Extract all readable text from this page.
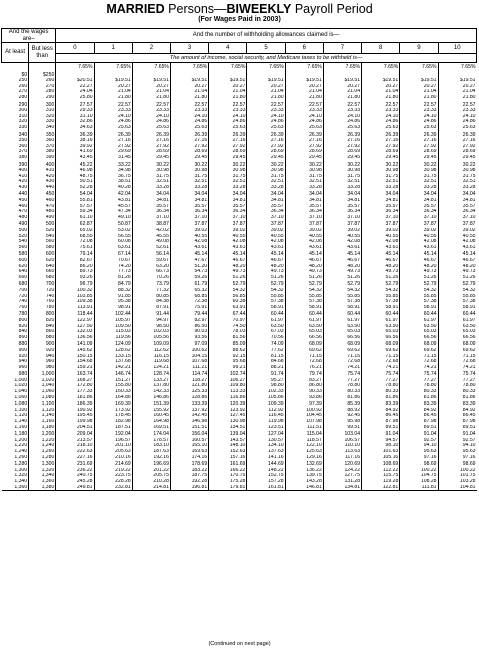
MARRIED Persons—BIWEEKLY Payroll Period
(For Wages Paid in 2003)
And the wages are–		And the number of withholding allowances claimed is—										
At least	But less than	0	1	2	3	4	5	6	7	8	9	10
		The amount of income, social security, and Medicare taxes to be withheld is—										
		7.65%	7.65%	7.65%	7.65%	7.65%	7.65%	7.65%	7.65%	7.65%	7.65%	7.65%
$0	$250											
250	260	$20.51	$19.51	$19.51	$19.51	$19.51	$19.51	$19.51	$19.51	$19.51	$19.51	$19.51
260	270	22.27	20.27	20.27	20.27	20.27	20.27	20.27	20.27	20.27	20.27	20.27
270	280	24.04	21.04	21.04	21.04	21.04	21.04	21.04	21.04	21.04	21.04	21.04
280	290	25.80	21.80	21.80	21.80	21.80	21.80	21.80	21.80	21.80	21.80	21.80
290	300	27.57	22.57	22.57	22.57	22.57	22.57	22.57	22.57	22.57	22.57	22.57
300	310	29.33	23.33	23.33	23.33	23.33	23.33	23.33	23.33	23.33	23.33	23.33
310	320	31.10	24.10	24.10	24.10	24.10	24.10	24.10	24.10	24.10	24.10	24.10
320	330	32.86	24.86	24.86	24.86	24.86	24.86	24.86	24.86	24.86	24.86	24.86
330	340	34.63	25.63	25.63	25.63	25.63	25.63	25.63	25.63	25.63	25.63	25.63
340	350	36.39	26.39	26.39	26.39	26.39	26.39	26.39	26.39	26.39	26.39	26.39
350	360	38.16	27.16	27.16	27.16	27.16	27.16	27.16	27.16	27.16	27.16	27.16
360	370	39.92	27.92	27.92	27.92	27.92	27.92	27.92	27.92	27.92	27.92	27.92
370	380	41.69	29.69	28.69	28.69	28.69	28.69	28.69	28.69	28.69	28.69	28.69
380	390	43.45	31.45	29.45	29.45	29.45	29.45	29.45	29.45	29.45	29.45	29.45
390	400	45.22	33.22	30.22	30.22	30.22	30.22	30.22	30.22	30.22	30.22	30.22
400	410	46.98	34.98	30.98	30.98	30.98	30.98	30.98	30.98	30.98	30.98	30.98
410	420	48.75	36.75	31.75	31.75	31.75	31.75	31.75	31.75	31.75	31.75	31.75
420	430	50.51	38.51	32.51	32.51	32.51	32.51	32.51	32.51	32.51	32.51	32.51
430	440	52.28	40.28	33.28	33.28	33.28	33.28	33.28	33.28	33.28	33.28	33.28
440	450	54.04	42.04	34.04	34.04	34.04	34.04	34.04	34.04	34.04	34.04	34.04
450	460	55.81	43.81	34.81	34.81	34.81	34.81	34.81	34.81	34.81	34.81	34.81
460	470	57.57	45.57	35.57	35.57	35.57	35.57	35.57	35.57	35.57	35.57	35.57
470	480	59.34	47.34	36.34	36.34	36.34	36.34	36.34	36.34	36.34	36.34	36.34
480	490	61.10	49.10	37.10	37.10	37.10	37.10	37.10	37.10	37.10	37.10	37.10
490	500	62.87	50.87	38.87	37.87	37.87	37.87	37.87	37.87	37.87	37.87	37.87
500	520	65.02	53.02	42.02	39.02	39.02	39.02	39.02	39.02	39.02	39.02	39.02
520	540	68.55	56.55	45.55	40.55	40.55	40.55	40.55	40.55	40.55	40.55	40.55
540	560	72.08	60.08	49.08	42.08	42.08	42.08	42.08	42.08	42.08	42.08	42.08
560	580	75.61	63.61	52.61	43.61	43.61	43.61	43.61	43.61	43.61	43.61	43.61
580	600	79.14	67.14	56.14	45.14	45.14	45.14	45.14	45.14	45.14	45.14	45.14
600	620	82.67	70.67	59.67	47.67	46.67	46.67	46.67	46.67	46.67	46.67	46.67
620	640	86.20	74.20	63.20	51.20	48.20	48.20	48.20	48.20	48.20	48.20	48.20
640	660	89.73	77.73	66.73	54.73	49.73	49.73	49.73	49.73	49.73	49.73	49.73
660	680	93.26	81.26	70.26	59.26	51.26	51.26	51.26	51.26	51.26	51.26	51.26
680	700	96.79	84.79	73.79	61.79	52.79	52.79	52.79	52.79	52.79	52.79	52.79
700	720	100.32	88.32	77.32	65.32	54.32	54.32	54.32	54.32	54.32	54.32	54.32
720	740	103.85	91.85	80.85	68.85	56.85	55.85	55.85	55.85	55.85	55.85	55.85
740	760	109.38	95.38	84.38	72.38	60.38	57.38	57.38	57.38	57.38	57.38	57.38
760	780	113.91	98.91	87.91	75.91	63.91	58.91	58.91	58.91	58.91	58.91	58.91
780	800	118.44	102.44	91.44	79.44	67.44	60.44	60.44	60.44	60.44	60.44	60.44
800	820	122.97	105.97	94.97	82.97	70.97	61.97	61.97	61.97	61.97	61.97	61.97
820	840	127.50	109.50	98.50	86.50	74.50	63.50	63.50	63.50	63.50	63.50	63.50
840	860	132.03	115.03	102.03	90.03	78.03	67.03	65.03	65.03	65.03	65.03	65.03
860	880	136.56	119.56	105.56	93.56	81.56	70.56	66.56	66.56	66.56	66.56	66.56
880	900	141.09	124.09	109.09	97.09	85.09	74.09	68.09	68.09	68.09	68.09	68.09
900	920	145.62	128.62	112.62	100.62	88.62	77.62	69.62	69.62	69.62	69.62	69.62
920	940	150.15	133.15	116.15	104.15	92.15	81.15	71.15	71.15	71.15	71.15	71.15
940	960	154.68	137.68	119.68	107.68	95.68	84.68	72.68	72.68	72.68	72.68	72.68
960	980	159.21	142.21	124.21	111.21	99.21	88.21	76.21	74.21	74.21	74.21	74.21
980	1,000	163.74	146.74	128.74	114.74	102.74	91.74	79.74	75.74	75.74	75.74	75.74
1,000	1,020	168.27	151.27	133.27	118.27	106.27	95.27	83.27	77.27	77.27	77.27	77.27
1,020	1,040	172.80	155.80	137.80	121.80	109.80	98.80	86.80	78.80	78.80	78.80	78.80
1,040	1,060	177.33	160.33	142.33	125.33	113.33	102.33	90.33	80.33	80.33	80.33	80.33
1,060	1,080	181.86	164.86	146.86	128.86	116.86	105.86	93.86	81.86	81.86	81.86	81.86
1,080	1,100	186.39	169.39	151.39	133.39	120.39	109.39	97.39	85.39	83.39	83.39	83.39
1,100	1,120	190.92	173.92	155.92	137.92	123.92	112.92	100.92	88.92	84.92	84.92	84.92
1,120	1,140	195.45	178.45	160.45	142.45	127.45	116.45	104.45	92.45	86.45	86.45	86.45
1,140	1,160	199.98	182.98	164.98	146.98	130.98	119.98	107.98	95.98	87.98	87.98	87.98
1,160	1,180	204.51	187.51	169.51	151.51	134.51	123.51	111.51	99.51	89.51	89.51	89.51
1,180	1,200	209.04	192.04	174.04	156.04	139.04	127.04	115.04	103.04	91.04	91.04	91.04
1,200	1,220	213.57	196.57	178.57	160.57	143.57	130.57	118.57	106.57	94.57	92.57	92.57
1,220	1,240	218.10	201.10	183.10	165.10	148.10	134.10	122.10	110.10	98.10	94.10	94.10
1,240	1,260	222.63	205.63	187.63	169.63	152.63	137.63	125.63	113.63	101.63	95.63	95.63
1,260	1,280	227.16	210.16	192.16	174.16	157.16	141.16	129.16	117.16	105.16	97.16	97.16
1,280	1,300	231.69	214.69	196.69	178.69	161.69	144.69	132.69	120.69	108.69	98.69	98.69
1,300	1,320	236.22	219.22	201.22	183.22	166.22	148.22	136.22	124.22	112.22	100.22	100.22
1,320	1,340	240.75	223.75	205.75	187.75	170.75	152.75	139.75	127.75	115.75	104.75	101.75
1,340	1,360	245.28	228.28	210.28	192.28	175.28	157.28	143.28	131.28	119.28	108.28	103.28
1,360	1,380	249.81	232.81	214.81	196.81	179.81	161.81	146.81	134.81	122.81	111.81	104.81
(Continued on next page)
